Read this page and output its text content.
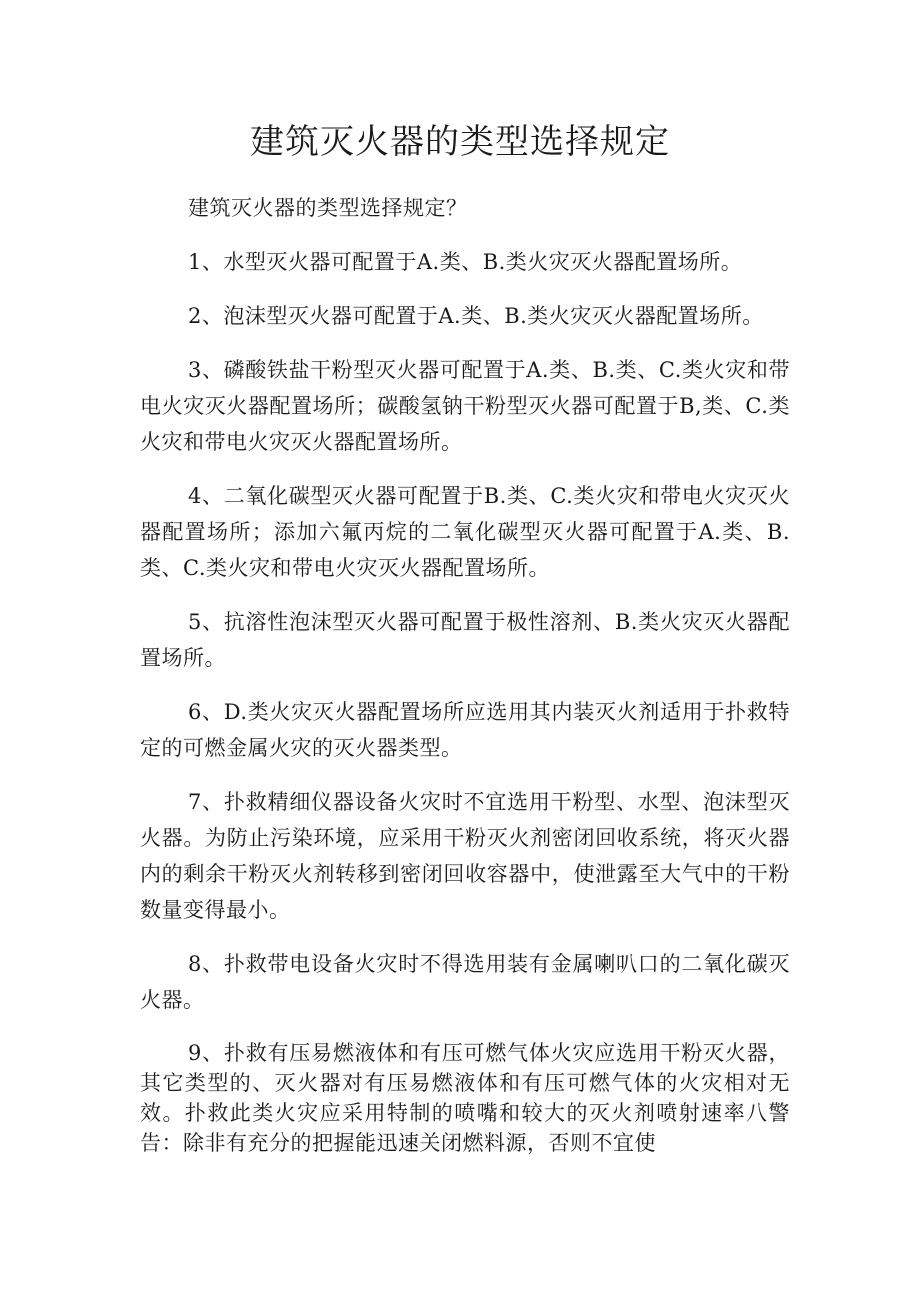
建筑灭火器的类型选择规定

建筑灭火器的类型选择规定？

1、水型灭火器可配置于A.类、B.类火灾灭火器配置场所。

2、泡沫型灭火器可配置于A.类、B.类火灾灭火器配置场所。

3、磷酸铁盐干粉型灭火器可配置于A.类、B.类、C.类火灾和带电火灾灭火器配置场所；碳酸氢钠干粉型灭火器可配置于B,类、C.类火灾和带电火灾灭火器配置场所。

4、二氧化碳型灭火器可配置于B.类、C.类火灾和带电火灾灭火器配置场所；添加六氟丙烷的二氧化碳型灭火器可配置于A.类、B.类、C.类火灾和带电火灾灭火器配置场所。

5、抗溶性泡沫型灭火器可配置于极性溶剂、B.类火灾灭火器配置场所。

6、D.类火灾灭火器配置场所应选用其内装灭火剂适用于扑救特定的可燃金属火灾的灭火器类型。

7、扑救精细仪器设备火灾时不宜选用干粉型、水型、泡沫型灭火器。为防止污染环境，应采用干粉灭火剂密闭回收系统，将灭火器内的剩余干粉灭火剂转移到密闭回收容器中，使泄露至大气中的干粉数量变得最小。

8、扑救带电设备火灾时不得选用装有金属喇叭口的二氧化碳灭火器。

9、扑救有压易燃液体和有压可燃气体火灾应选用干粉灭火器，其它类型的、灭火器对有压易燃液体和有压可燃气体的火灾相对无效。扑救此类火灾应采用特制的喷嘴和较大的灭火剂喷射速率八警告：除非有充分的把握能迅速关闭燃料源，否则不宜使
